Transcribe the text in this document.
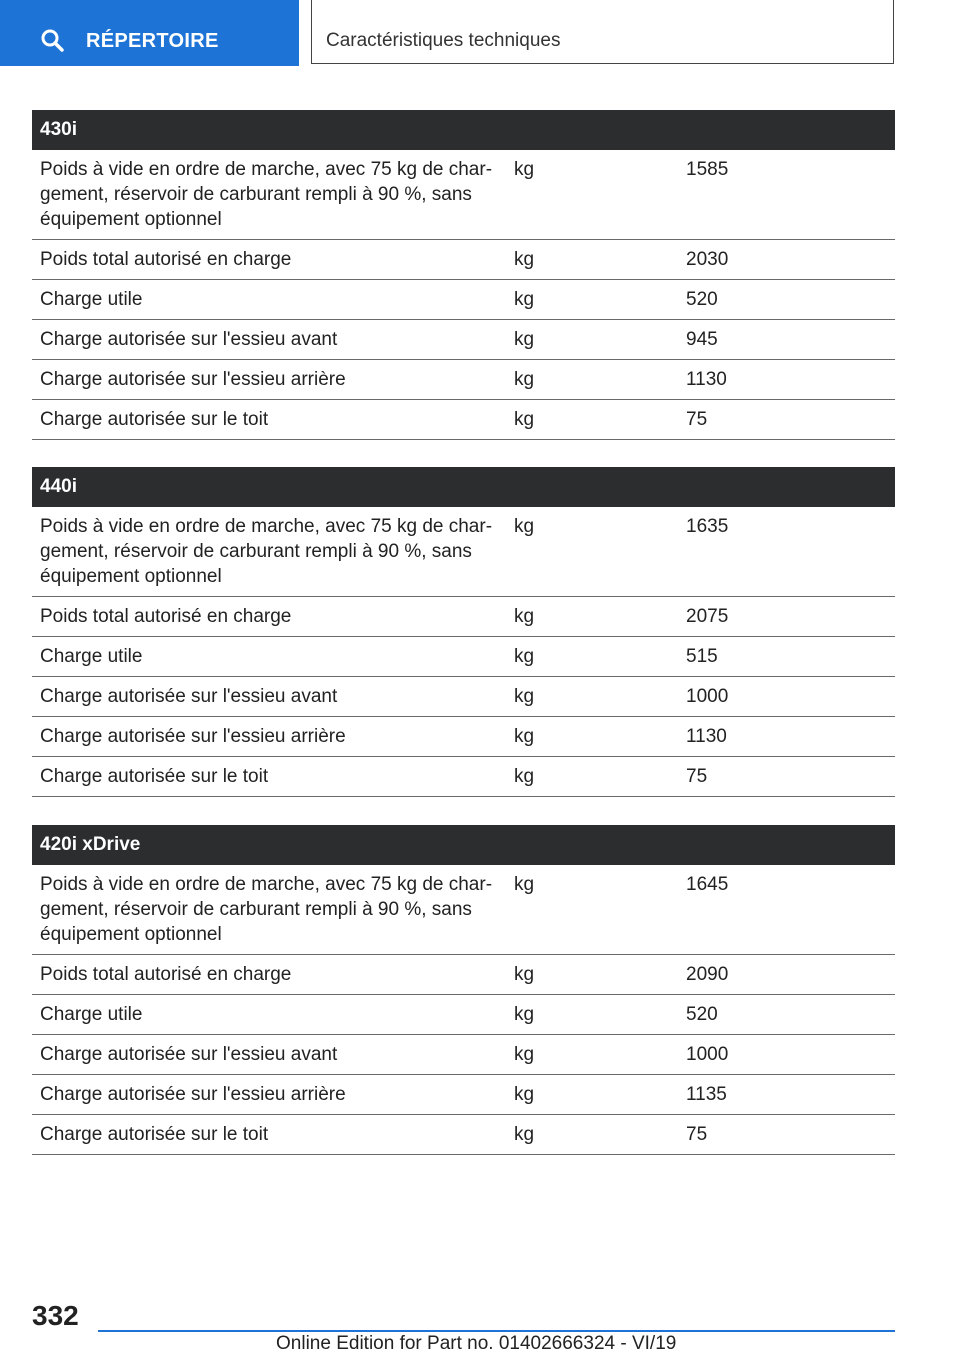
RÉPERTOIRE	Caractéristiques techniques
430i		
Poids à vide en ordre de marche, avec 75 kg de char-
gement, réservoir de carburant rempli à 90 %, sans
équipement optionnel	kg	1585
Poids total autorisé en charge	kg	2030
Charge utile	kg	520
Charge autorisée sur l'essieu avant	kg	945
Charge autorisée sur l'essieu arrière	kg	1130
Charge autorisée sur le toit	kg	75
440i		
Poids à vide en ordre de marche, avec 75 kg de char-
gement, réservoir de carburant rempli à 90 %, sans
équipement optionnel	kg	1635
Poids total autorisé en charge	kg	2075
Charge utile	kg	515
Charge autorisée sur l'essieu avant	kg	1000
Charge autorisée sur l'essieu arrière	kg	1130
Charge autorisée sur le toit	kg	75
420i xDrive		
Poids à vide en ordre de marche, avec 75 kg de char-
gement, réservoir de carburant rempli à 90 %, sans
équipement optionnel	kg	1645
Poids total autorisé en charge	kg	2090
Charge utile	kg	520
Charge autorisée sur l'essieu avant	kg	1000
Charge autorisée sur l'essieu arrière	kg	1135
Charge autorisée sur le toit	kg	75
332
Online Edition for Part no. 01402666324 - VI/19
